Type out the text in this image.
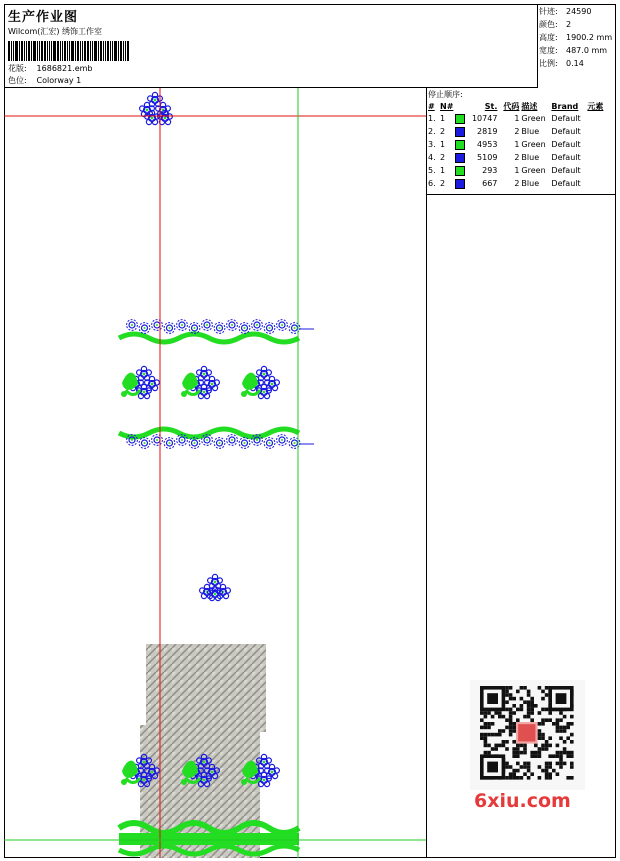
生产作业图
Wilcom(汇宏) 绣饰工作室
花版: 1686821.emb
色位: Colorway 1
针迹: 24590
颜色: 2
高度: 1900.2 mm
宽度: 487.0 mm
比例: 0.14
停止顺序:
#	N#		St.	代码	描述	Brand	元素
1.	1		10747	1	Green	Default	
2.	2		2819	2	Blue	Default	
3.	1		4953	1	Green	Default	
4.	2		5109	2	Blue	Default	
5.	1		293	1	Green	Default	
6.	2		667	2	Blue	Default	
6xiu.com
